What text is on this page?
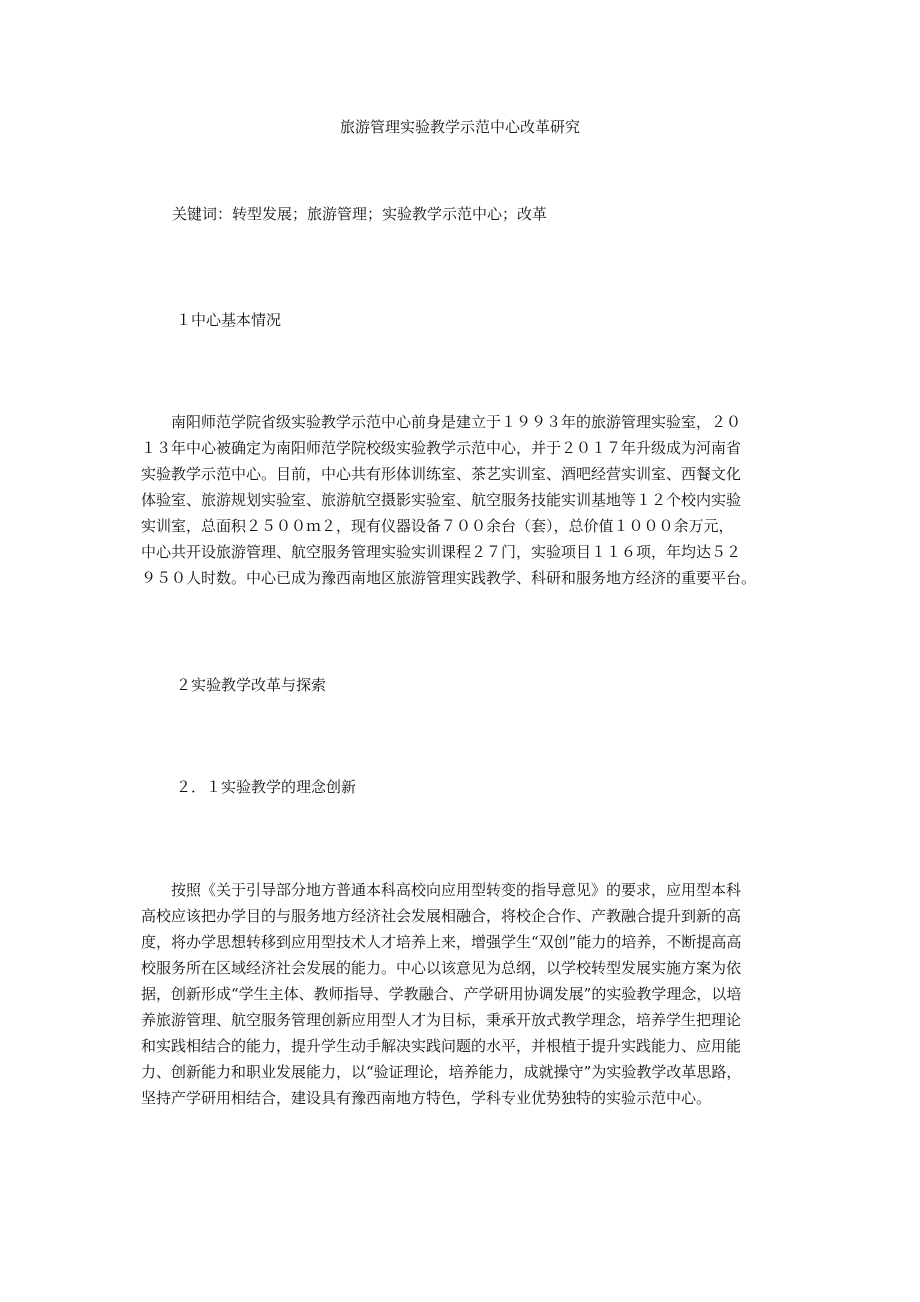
旅游管理实验教学示范中心改革研究
关键词：转型发展；旅游管理；实验教学示范中心；改革
１中心基本情况

　　南阳师范学院省级实验教学示范中心前身是建立于１９９３年的旅游管理实验室，２０
１３年中心被确定为南阳师范学院校级实验教学示范中心，并于２０１７年升级成为河南省
实验教学示范中心。目前，中心共有形体训练室、茶艺实训室、酒吧经营实训室、西餐文化
体验室、旅游规划实验室、旅游航空摄影实验室、航空服务技能实训基地等１２个校内实验
实训室，总面积２５００ｍ２，现有仪器设备７００余台（套），总价值１０００余万元，
中心共开设旅游管理、航空服务管理实验实训课程２７门，实验项目１１６项，年均达５２
９５０人时数。中心已成为豫西南地区旅游管理实践教学、科研和服务地方经济的重要平台。

２实验教学改革与探索
２．１实验教学的理念创新

　　按照《关于引导部分地方普通本科高校向应用型转变的指导意见》的要求，应用型本科
高校应该把办学目的与服务地方经济社会发展相融合，将校企合作、产教融合提升到新的高
度，将办学思想转移到应用型技术人才培养上来，增强学生“双创”能力的培养，不断提高高
校服务所在区域经济社会发展的能力。中心以该意见为总纲，以学校转型发展实施方案为依
据，创新形成“学生主体、教师指导、学教融合、产学研用协调发展”的实验教学理念，以培
养旅游管理、航空服务管理创新应用型人才为目标，秉承开放式教学理念，培养学生把理论
和实践相结合的能力，提升学生动手解决实践问题的水平，并根植于提升实践能力、应用能
力、创新能力和职业发展能力，以“验证理论，培养能力，成就操守”为实验教学改革思路，
坚持产学研用相结合，建设具有豫西南地方特色，学科专业优势独特的实验示范中心。
